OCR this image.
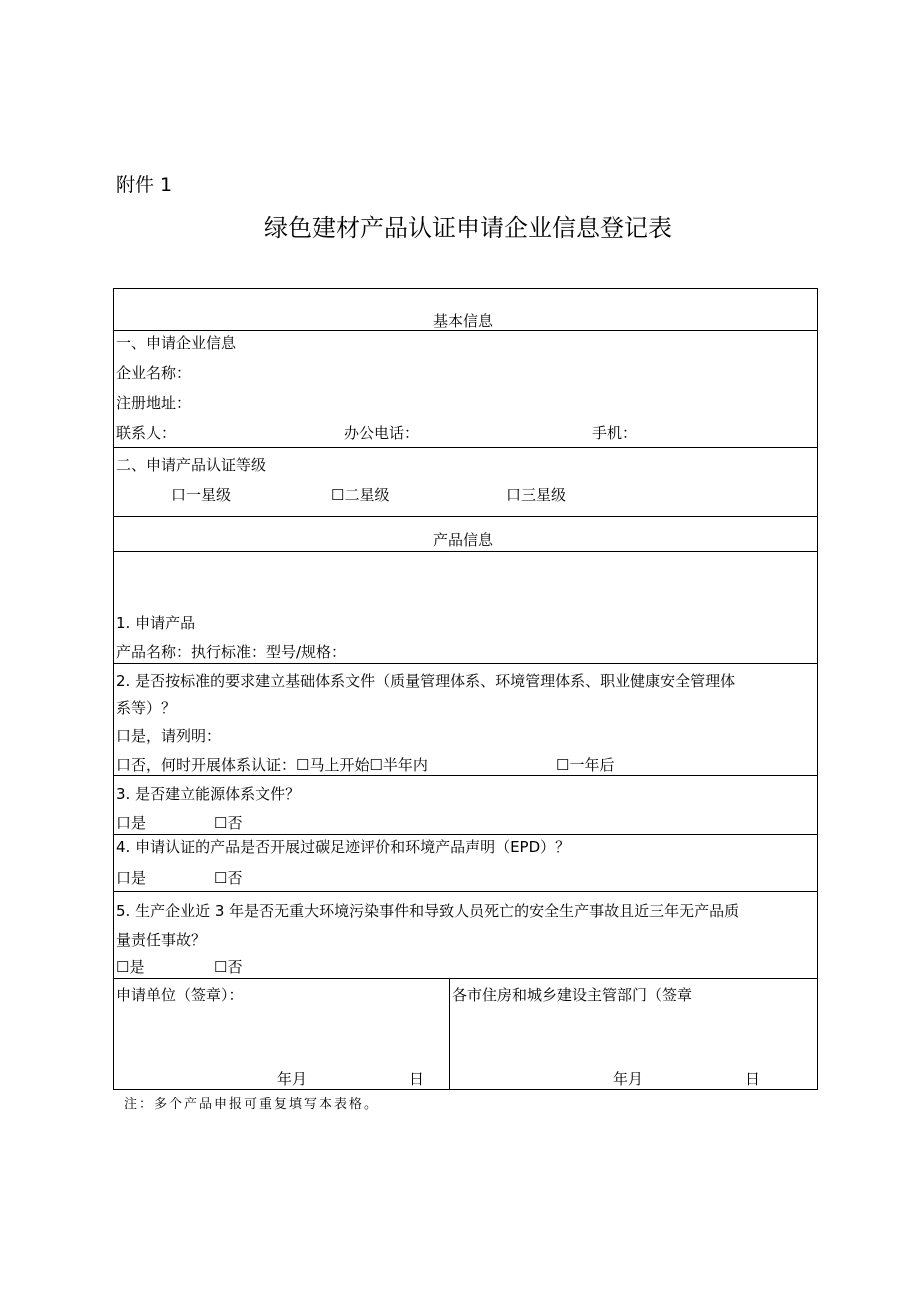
附件 1
绿色建材产品认证申请企业信息登记表
基本信息
一、申请企业信息
企业名称：
注册地址：
联系人：	办公电话：	手机：
二、申请产品认证等级
口一星级	☐二星级	口三星级
产品信息
1. 申请产品
产品名称：执行标准：型号/规格：
2. 是否按标准的要求建立基础体系文件（质量管理体系、环境管理体系、职业健康安全管理体
系等）？
口是，请列明：
口否，何时开展体系认证：☐马上开始☐半年内	☐一年后
3. 是否建立能源体系文件？
口是	☐否
4. 申请认证的产品是否开展过碳足迹评价和环境产品声明（EPD）？
口是	☐否
5. 生产企业近 3 年是否无重大环境污染事件和导致人员死亡的安全生产事故且近三年无产品质
量责任事故？
☐是	☐否
申请单位（签章）：	各市住房和城乡建设主管部门（签章
年月	日	年月	日
注：多个产品申报可重复填写本表格。
